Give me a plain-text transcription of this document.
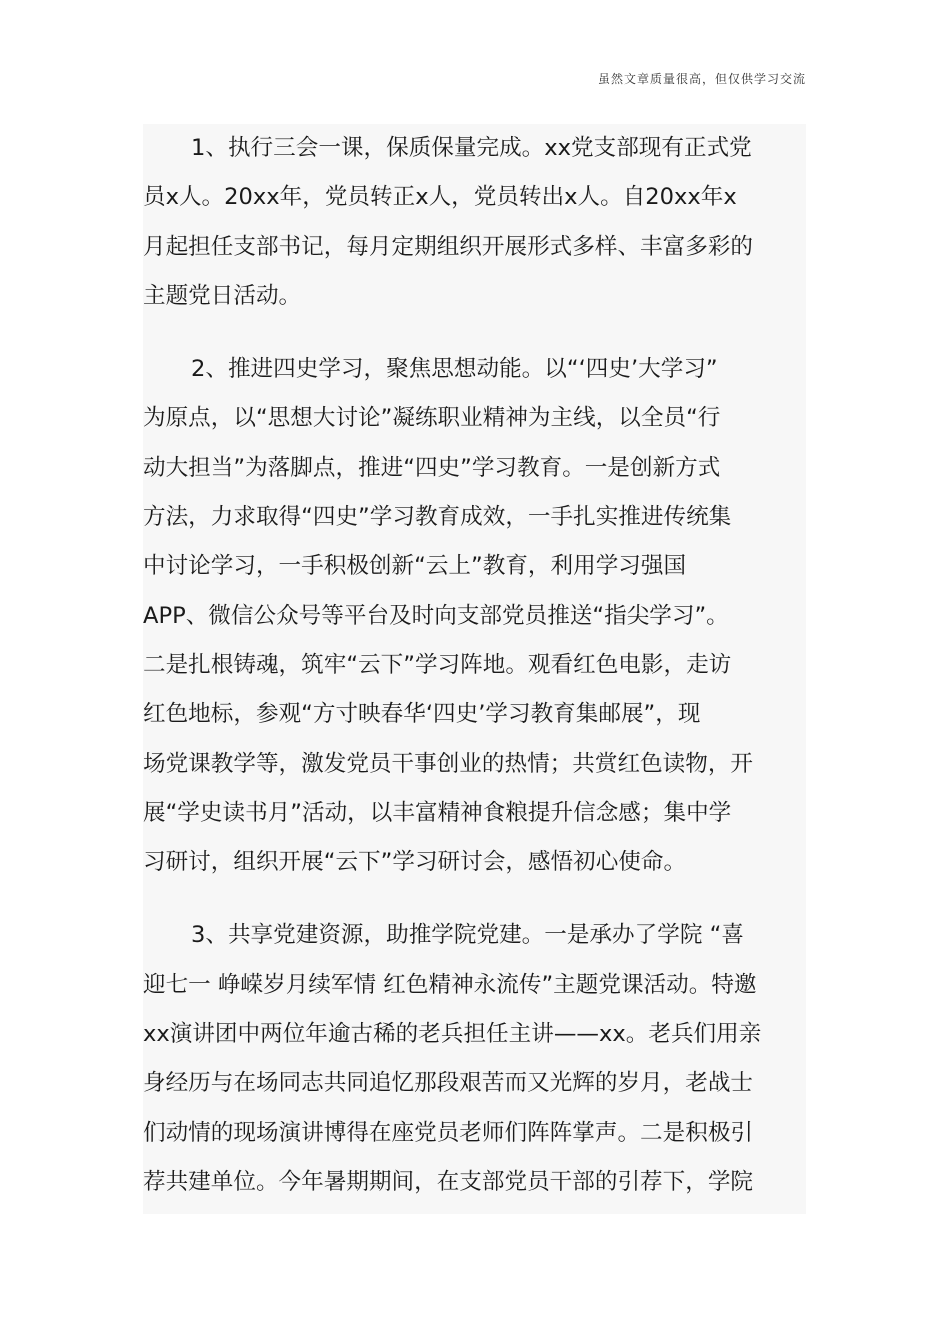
虽然文章质量很高，但仅供学习交流

1、执行三会一课，保质保量完成。xx党支部现有正式党
员x人。20xx年，党员转正x人，党员转出x人。自20xx年x
月起担任支部书记，每月定期组织开展形式多样、丰富多彩的
主题党日活动。

2、推进四史学习，聚焦思想动能。以“‘四史’大学习”
为原点，以“思想大讨论”凝练职业精神为主线，以全员“行
动大担当”为落脚点，推进“四史”学习教育。一是创新方式
方法，力求取得“四史”学习教育成效，一手扎实推进传统集
中讨论学习，一手积极创新“云上”教育，利用学习强国
APP、微信公众号等平台及时向支部党员推送“指尖学习”。
二是扎根铸魂，筑牢“云下”学习阵地。观看红色电影，走访
红色地标，参观“方寸映春华‘四史’学习教育集邮展”，现
场党课教学等，激发党员干事创业的热情；共赏红色读物，开
展“学史读书月”活动，以丰富精神食粮提升信念感；集中学
习研讨，组织开展“云下”学习研讨会，感悟初心使命。

3、共享党建资源，助推学院党建。一是承办了学院 “喜
迎七一 峥嵘岁月续军情 红色精神永流传”主题党课活动。特邀
xx演讲团中两位年逾古稀的老兵担任主讲——xx。老兵们用亲
身经历与在场同志共同追忆那段艰苦而又光辉的岁月，老战士
们动情的现场演讲博得在座党员老师们阵阵掌声。二是积极引
荐共建单位。今年暑期期间，在支部党员干部的引荐下，学院
